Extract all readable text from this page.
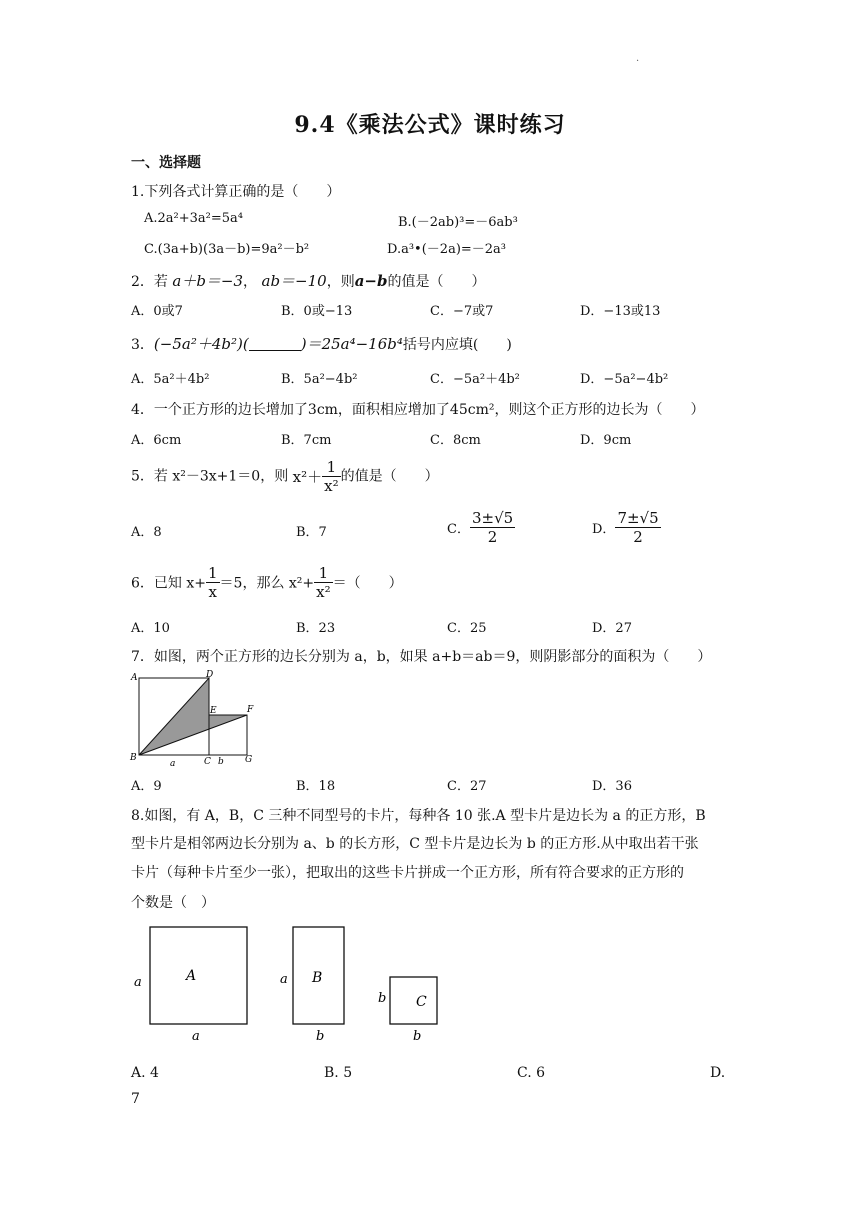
·
9.4《乘法公式》课时练习
一、选择题
1.下列各式计算正确的是（　　）
A.2a²+3a²=5a⁴	B.(－2ab)³=－6ab³
C.(3a+b)(3a－b)=9a²－b²	D.a³•(－2a)=－2a³
2．若 a＋b＝−3， ab＝−10，则a−b的值是（　　）
A．0或7	B．0或−13	C．−7或7	D．−13或13
3．(−5a²＋4b²)(	)＝25a⁴−16b⁴括号内应填(　　)
A．5a²＋4b²	B．5a²−4b²	C．−5a²＋4b²	D．−5a²−4b²
4．一个正方形的边长增加了3cm，面积相应增加了45cm²，则这个正方形的边长为（　　）
A．6cm	B．7cm	C．8cm	D．9cm
5．若 x²－3x+1＝0，则 $x^2+ \frac{1}{\text{x²}}$ 的值是（　　）
A．8	B．7	C． $\frac{3\pm√5}{2}$	D． $\frac{7\pm√5}{2}$
6．已知 $x+ \frac{1}{x} =5$，那么 $x^2+ \frac{1}{\text{x²}}$ ＝（　　）
A．10	B．23	C．25	D．27
7．如图，两个正方形的边长分别为 a，b，如果 a+b＝ab＝9，则阴影部分的面积为（　　）
A	D
E	F
B	C b G
a
A．9	B．18	C．27	D．36
8.如图，有 A，B，C 三种不同型号的卡片，每种各 10 张.A 型卡片是边长为 a 的正方形，B
型卡片是相邻两边长分别为 a、b 的长方形，C 型卡片是边长为 b 的正方形.从中取出若干张
卡片（每种卡片至少一张），把取出的这些卡片拼成一个正方形，所有符合要求的正方形的
个数是（　）
A
a
a
B
a
b
C
b
b
A. 4	B. 5	C. 6	D.
7
